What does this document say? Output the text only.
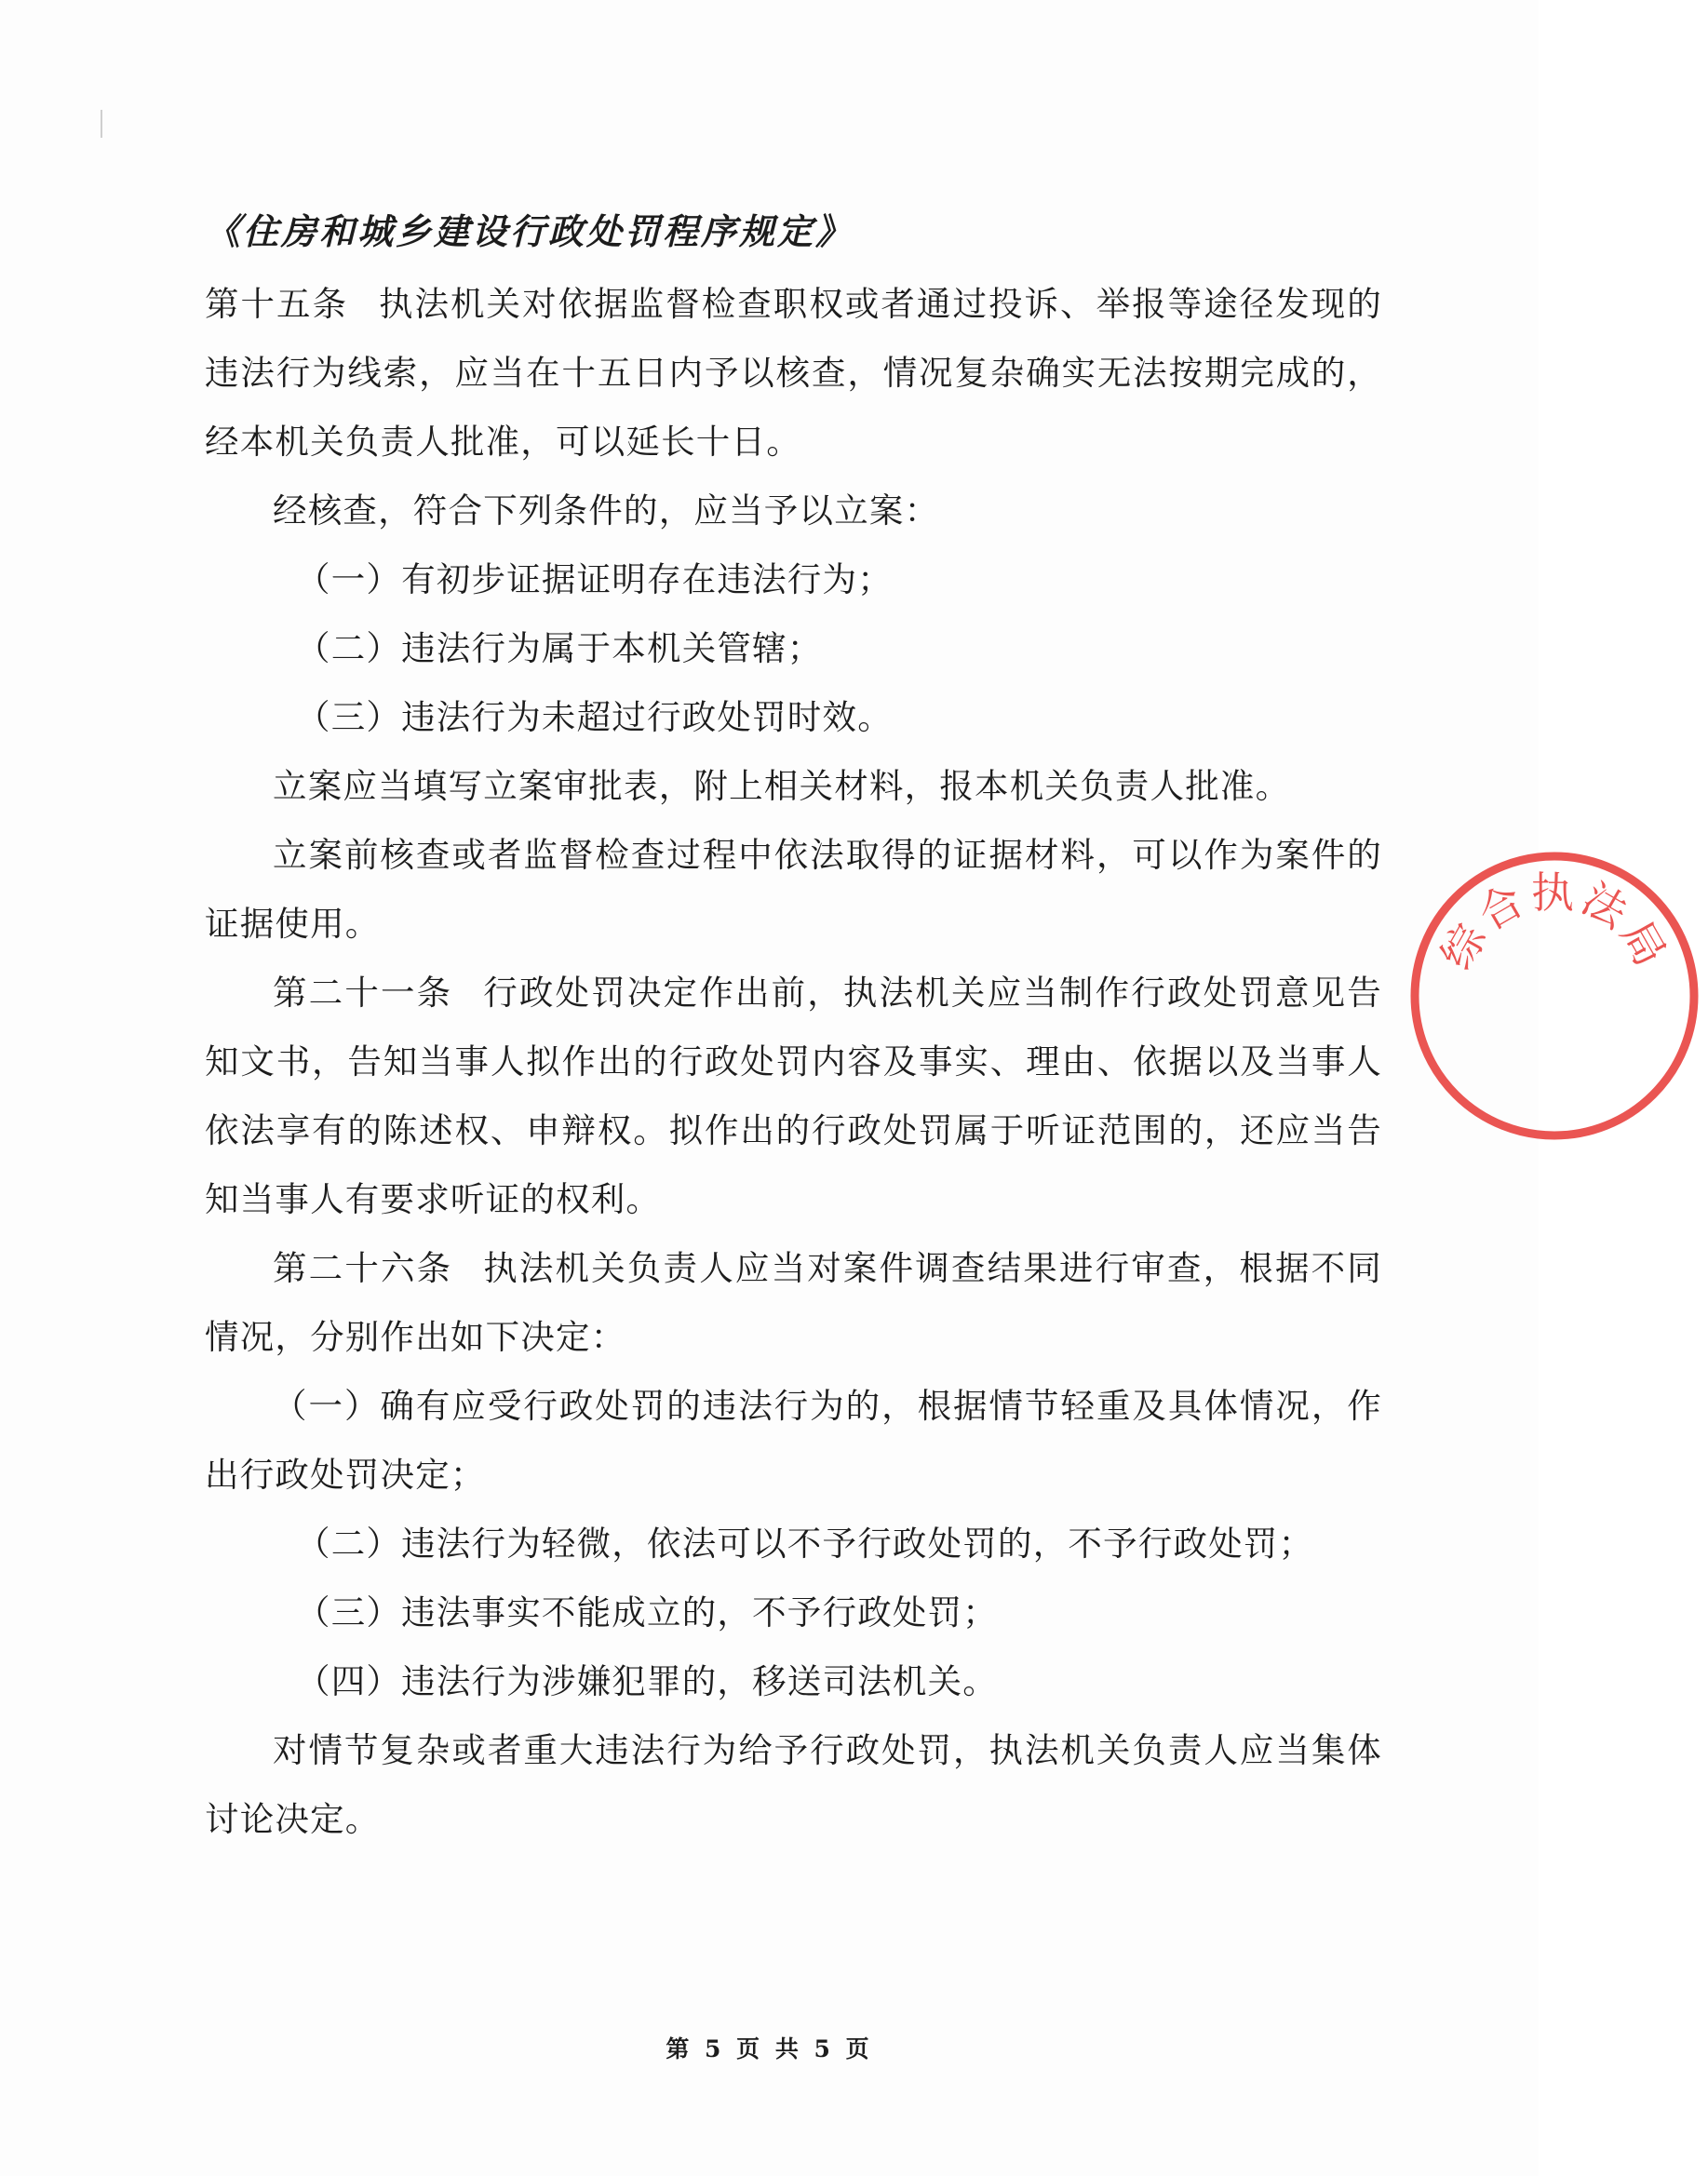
《住房和城乡建设行政处罚程序规定》

第十五条 执法机关对依据监督检查职权或者通过投诉、举报等途径发现的违法行为线索，应当在十五日内予以核查，情况复杂确实无法按期完成的，经本机关负责人批准，可以延长十日。

经核查，符合下列条件的，应当予以立案：

（一）有初步证据证明存在违法行为；

（二）违法行为属于本机关管辖；

（三）违法行为未超过行政处罚时效。

立案应当填写立案审批表，附上相关材料，报本机关负责人批准。

立案前核查或者监督检查过程中依法取得的证据材料，可以作为案件的证据使用。

第二十一条 行政处罚决定作出前，执法机关应当制作行政处罚意见告知文书，告知当事人拟作出的行政处罚内容及事实、理由、依据以及当事人依法享有的陈述权、申辩权。拟作出的行政处罚属于听证范围的，还应当告知当事人有要求听证的权利。

第二十六条 执法机关负责人应当对案件调查结果进行审查，根据不同情况，分别作出如下决定：

（一）确有应受行政处罚的违法行为的，根据情节轻重及具体情况，作出行政处罚决定；

（二）违法行为轻微，依法可以不予行政处罚的，不予行政处罚；

（三）违法事实不能成立的，不予行政处罚；

（四）违法行为涉嫌犯罪的，移送司法机关。

对情节复杂或者重大违法行为给予行政处罚，执法机关负责人应当集体讨论决定。

综合执法局
第 5 页 共 5 页
